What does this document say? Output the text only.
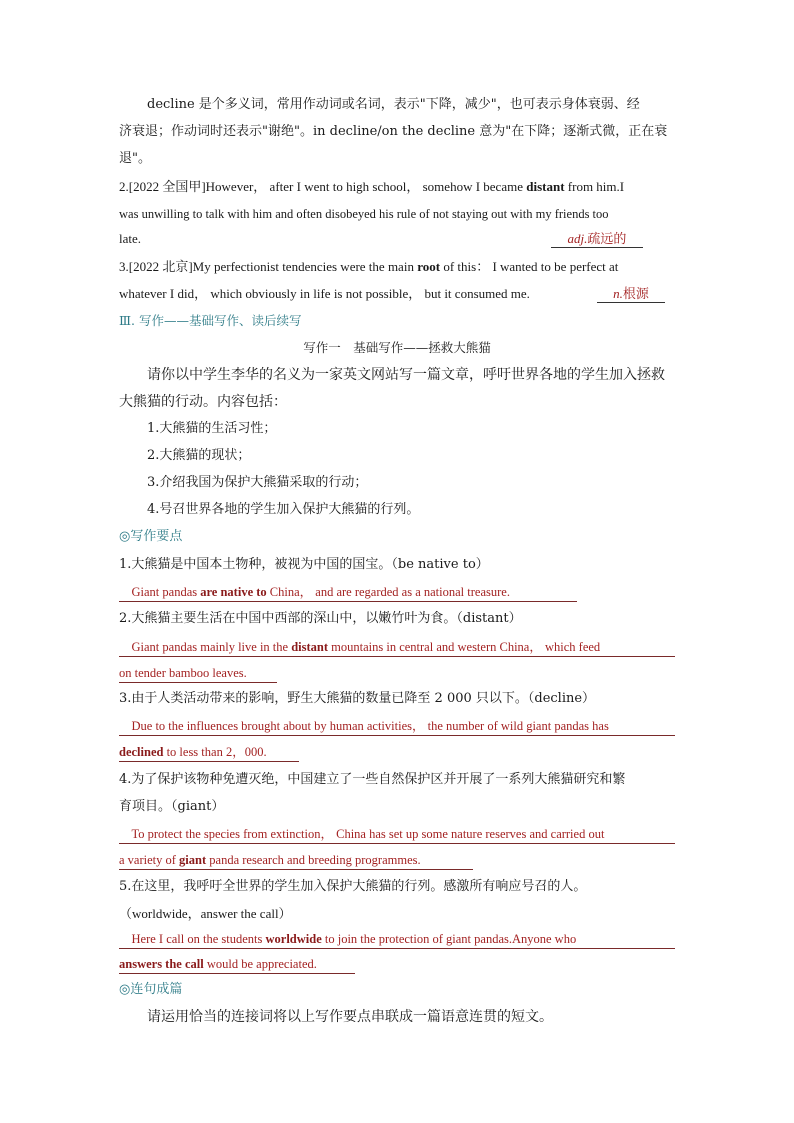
decline 是个多义词，常用作动词或名词，表示"下降，减少"，也可表示身体衰弱、经
济衰退；作动词时还表示"谢绝"。in decline/on the decline 意为"在下降；逐渐式微，正在衰
退"。
2.[2022 全国甲]However， after I went to high school， somehow I became distant from him.I
was unwilling to talk with him and often disobeyed his rule of not staying out with my friends too
late.	adj.疏远的
3.[2022 北京]My perfectionist tendencies were the main root of this： I wanted to be perfect at
whatever I did， which obviously in life is not possible， but it consumed me.	n.根源
Ⅲ. 写作——基础写作、读后续写
写作一　基础写作——拯救大熊猫
请你以中学生李华的名义为一家英文网站写一篇文章，呼吁世界各地的学生加入拯救
大熊猫的行动。内容包括：
1.大熊猫的生活习性；
2.大熊猫的现状；
3.介绍我国为保护大熊猫采取的行动；
4.号召世界各地的学生加入保护大熊猫的行列。
◎写作要点
1.大熊猫是中国本土物种，被视为中国的国宝。（be native to）
　Giant pandas are native to China， and are regarded as a national treasure.
2.大熊猫主要生活在中国中西部的深山中，以嫩竹叶为食。（distant）
　Giant pandas mainly live in the distant mountains in central and western China， which feed
on tender bamboo leaves.
3.由于人类活动带来的影响，野生大熊猫的数量已降至 2 000 只以下。（decline）
　Due to the influences brought about by human activities， the number of wild giant pandas has
declined to less than 2，000.
4.为了保护该物种免遭灭绝，中国建立了一些自然保护区并开展了一系列大熊猫研究和繁
育项目。（giant）
　To protect the species from extinction， China has set up some nature reserves and carried out
a variety of giant panda research and breeding programmes.
5.在这里，我呼吁全世界的学生加入保护大熊猫的行列。感激所有响应号召的人。
（worldwide，answer the call）
　Here I call on the students worldwide to join the protection of giant pandas.Anyone who
answers the call would be appreciated.
◎连句成篇
请运用恰当的连接词将以上写作要点串联成一篇语意连贯的短文。
